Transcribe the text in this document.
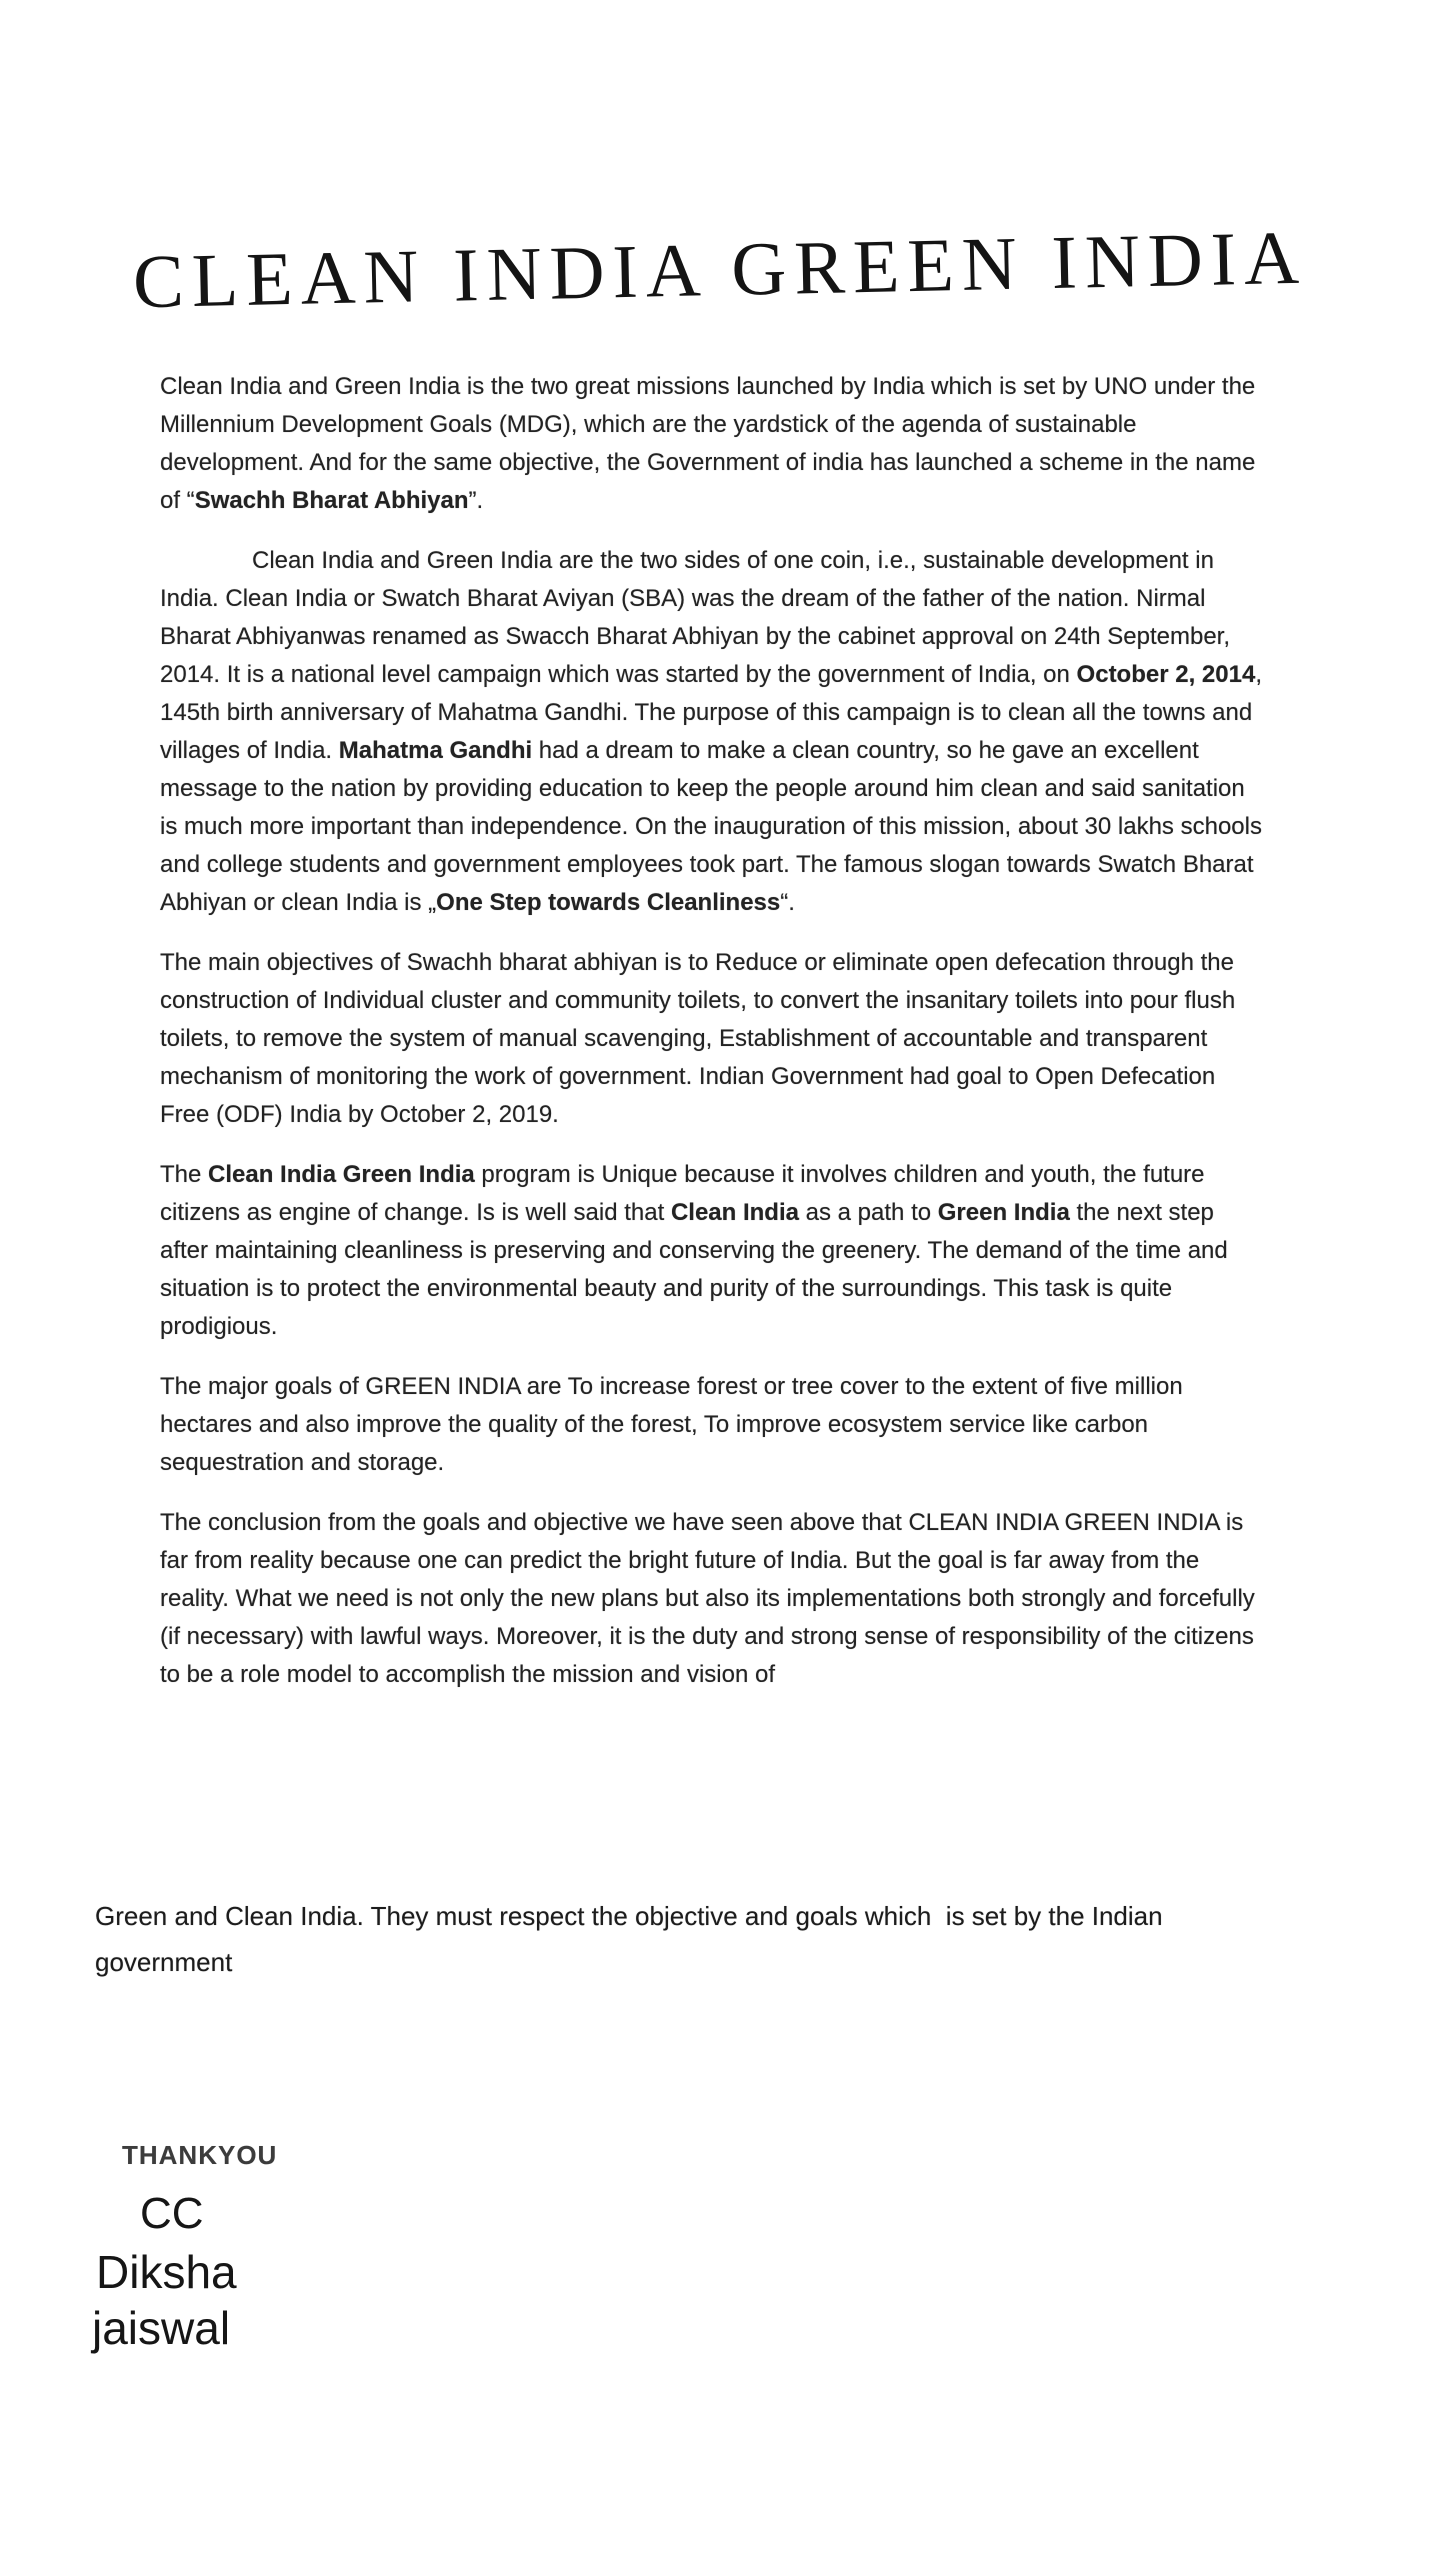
CLEAN INDIA GREEN INDIA

Clean India and Green India is the two great missions launched by India which is set by UNO under the Millennium Development Goals (MDG), which are the yardstick of the agenda of sustainable development. And for the same objective, the Government of india has launched a scheme in the name of “Swachh Bharat Abhiyan”.

Clean India and Green India are the two sides of one coin, i.e., sustainable development in India. Clean India or Swatch Bharat Aviyan (SBA) was the dream of the father of the nation. Nirmal Bharat Abhiyanwas renamed as Swacch Bharat Abhiyan by the cabinet approval on 24th September, 2014. It is a national level campaign which was started by the government of India, on October 2, 2014, 145th birth anniversary of Mahatma Gandhi. The purpose of this campaign is to clean all the towns and villages of India. Mahatma Gandhi had a dream to make a clean country, so he gave an excellent message to the nation by providing education to keep the people around him clean and said sanitation is much more important than independence. On the inauguration of this mission, about 30 lakhs schools and college students and government employees took part. The famous slogan towards Swatch Bharat Abhiyan or clean India is „One Step towards Cleanliness“.

The main objectives of Swachh bharat abhiyan is to Reduce or eliminate open defecation through the construction of Individual cluster and community toilets, to convert the insanitary toilets into pour flush toilets, to remove the system of manual scavenging, Establishment of accountable and transparent mechanism of monitoring the work of government. Indian Government had goal to Open Defecation Free (ODF) India by October 2, 2019.

The Clean India Green India program is Unique because it involves children and youth, the future citizens as engine of change. Is is well said that Clean India as a path to Green India the next step after maintaining cleanliness is preserving and conserving the greenery. The demand of the time and situation is to protect the environmental beauty and purity of the surroundings. This task is quite prodigious.

The major goals of GREEN INDIA are To increase forest or tree cover to the extent of five million hectares and also improve the quality of the forest, To improve ecosystem service like carbon sequestration and storage.

The conclusion from the goals and objective we have seen above that CLEAN INDIA GREEN INDIA is far from reality because one can predict the bright future of India. But the goal is far away from the reality. What we need is not only the new plans but also its implementations both strongly and forcefully (if necessary) with lawful ways. Moreover, it is the duty and strong sense of responsibility of the citizens to be a role model to accomplish the mission and vision of

Green and Clean India. They must respect the objective and goals which  is set by the Indian
government
THANKYOU
CC
Diksha
jaiswal
